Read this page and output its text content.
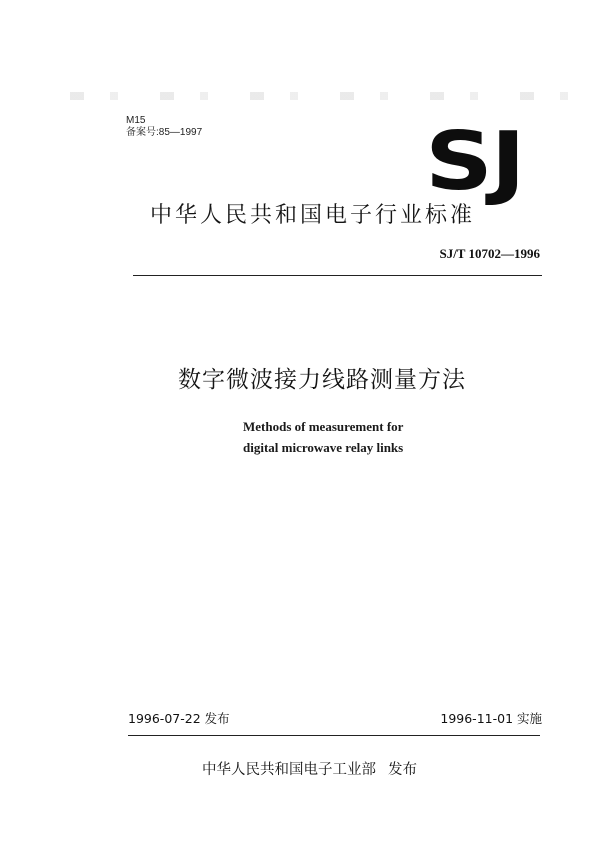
M15
备案号:85—1997	SJ
中华人民共和国电子行业标准
SJ/T 10702—1996
数字微波接力线路测量方法
Methods of measurement for
digital microwave relay links
1996-07-22 发布	1996-11-01 实施
中华人民共和国电子工业部 发布
